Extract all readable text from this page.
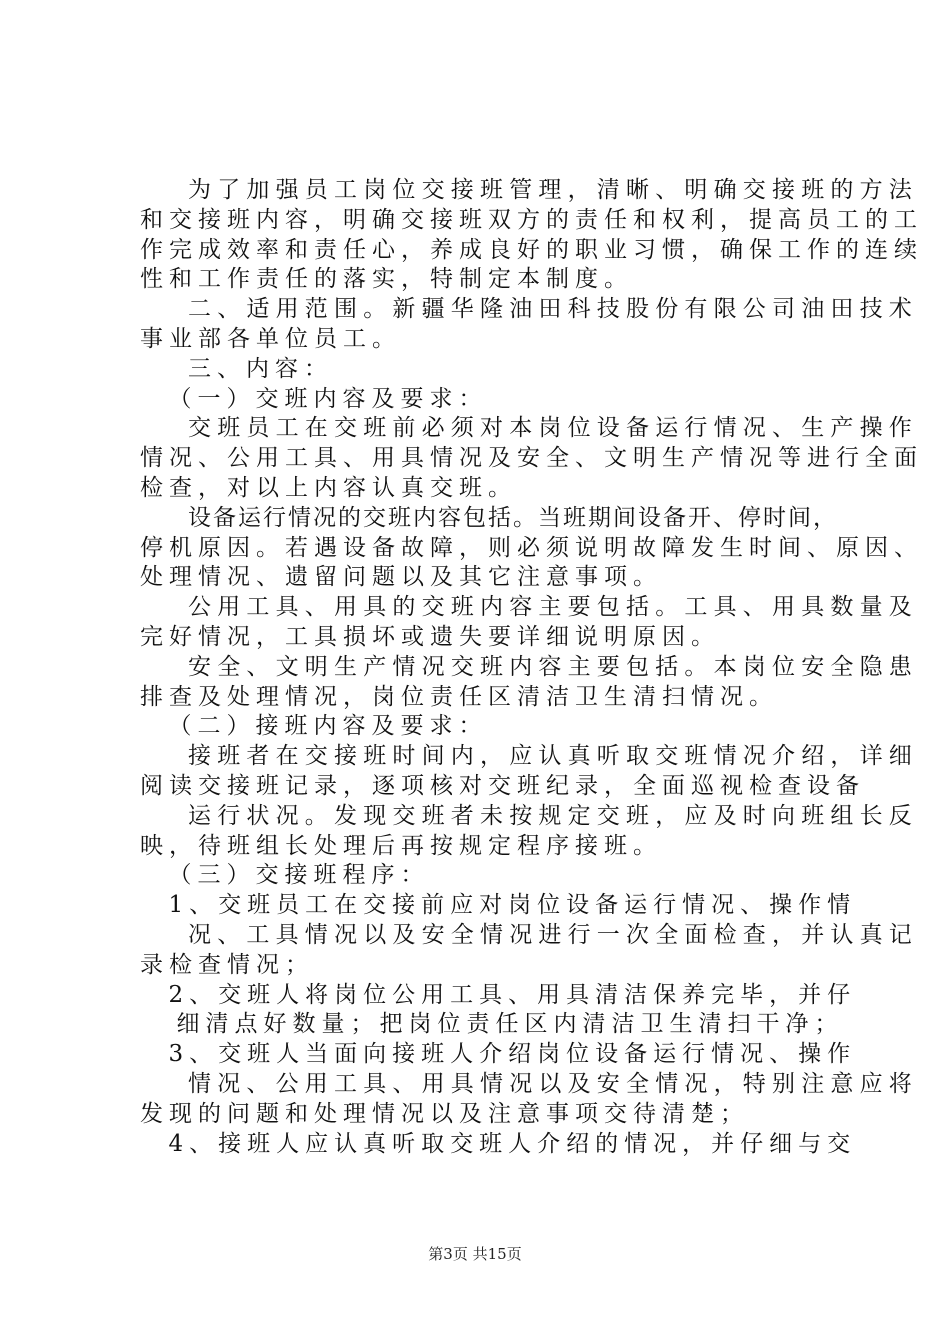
为了加强员工岗位交接班管理，清晰、明确交接班的方法
和交接班内容，明确交接班双方的责任和权利，提高员工的工
作完成效率和责任心，养成良好的职业习惯，确保工作的连续
性和工作责任的落实，特制定本制度。
二、适用范围。新疆华隆油田科技股份有限公司油田技术
事业部各单位员工。
三、内容：
（一）交班内容及要求：
交班员工在交班前必须对本岗位设备运行情况、生产操作
情况、公用工具、用具情况及安全、文明生产情况等进行全面
检查，对以上内容认真交班。
设备运行情况的交班内容包括。当班期间设备开、停时间，
停机原因。若遇设备故障，则必须说明故障发生时间、原因、
处理情况、遗留问题以及其它注意事项。
公用工具、用具的交班内容主要包括。工具、用具数量及
完好情况，工具损坏或遗失要详细说明原因。
安全、文明生产情况交班内容主要包括。本岗位安全隐患
排查及处理情况，岗位责任区清洁卫生清扫情况。
（二）接班内容及要求：
接班者在交接班时间内，应认真听取交班情况介绍，详细
阅读交接班记录，逐项核对交班纪录，全面巡视检查设备
运行状况。发现交班者未按规定交班，应及时向班组长反
映，待班组长处理后再按规定程序接班。
（三）交接班程序：
1、交班员工在交接前应对岗位设备运行情况、操作情
况、工具情况以及安全情况进行一次全面检查，并认真记
录检查情况；
2、交班人将岗位公用工具、用具清洁保养完毕，并仔
细清点好数量；把岗位责任区内清洁卫生清扫干净；
3、交班人当面向接班人介绍岗位设备运行情况、操作
情况、公用工具、用具情况以及安全情况，特别注意应将
发现的问题和处理情况以及注意事项交待清楚；
4、接班人应认真听取交班人介绍的情况，并仔细与交
第3页 共15页
